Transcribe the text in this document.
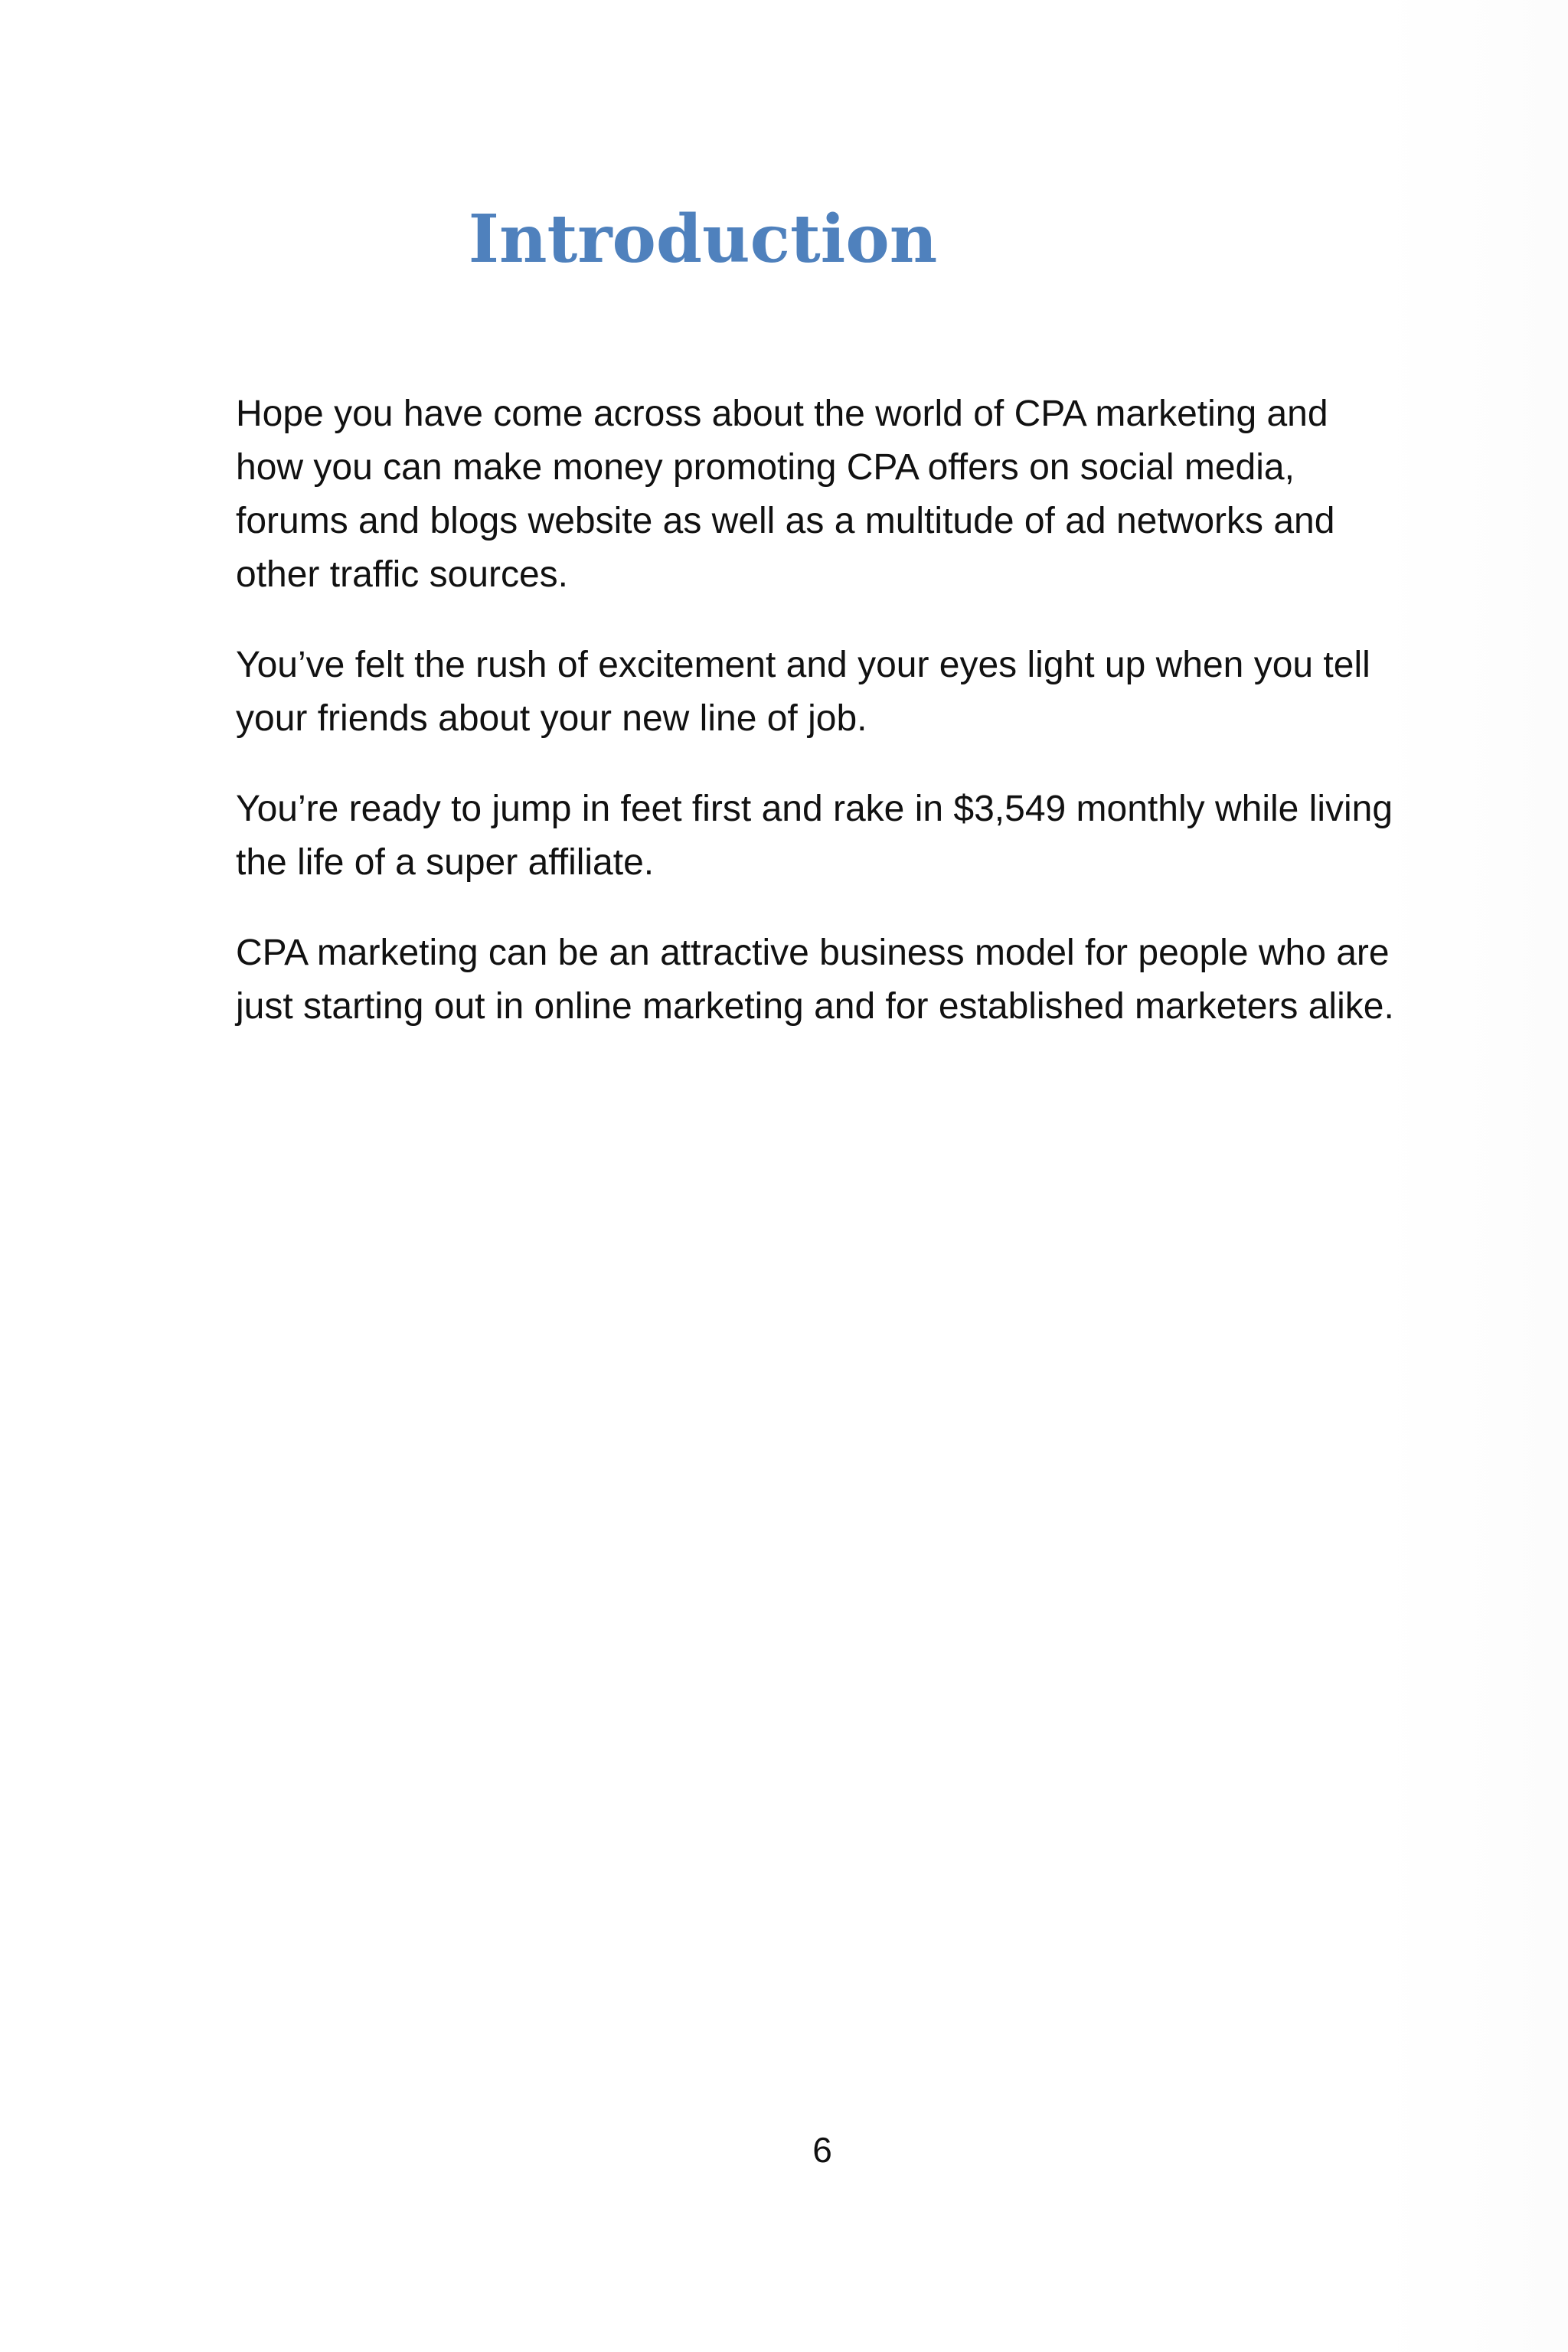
Introduction

Hope you have come across about the world of CPA marketing and how you can make money promoting CPA offers on social media, forums and blogs website as well as a multitude of ad networks and other traffic sources.

You’ve felt the rush of excitement and your eyes light up when you tell your friends about your new line of job.

You’re ready to jump in feet first and rake in $3,549 monthly while living the life of a super affiliate.

CPA marketing can be an attractive business model for people who are just starting out in online marketing and for established marketers alike.

6
